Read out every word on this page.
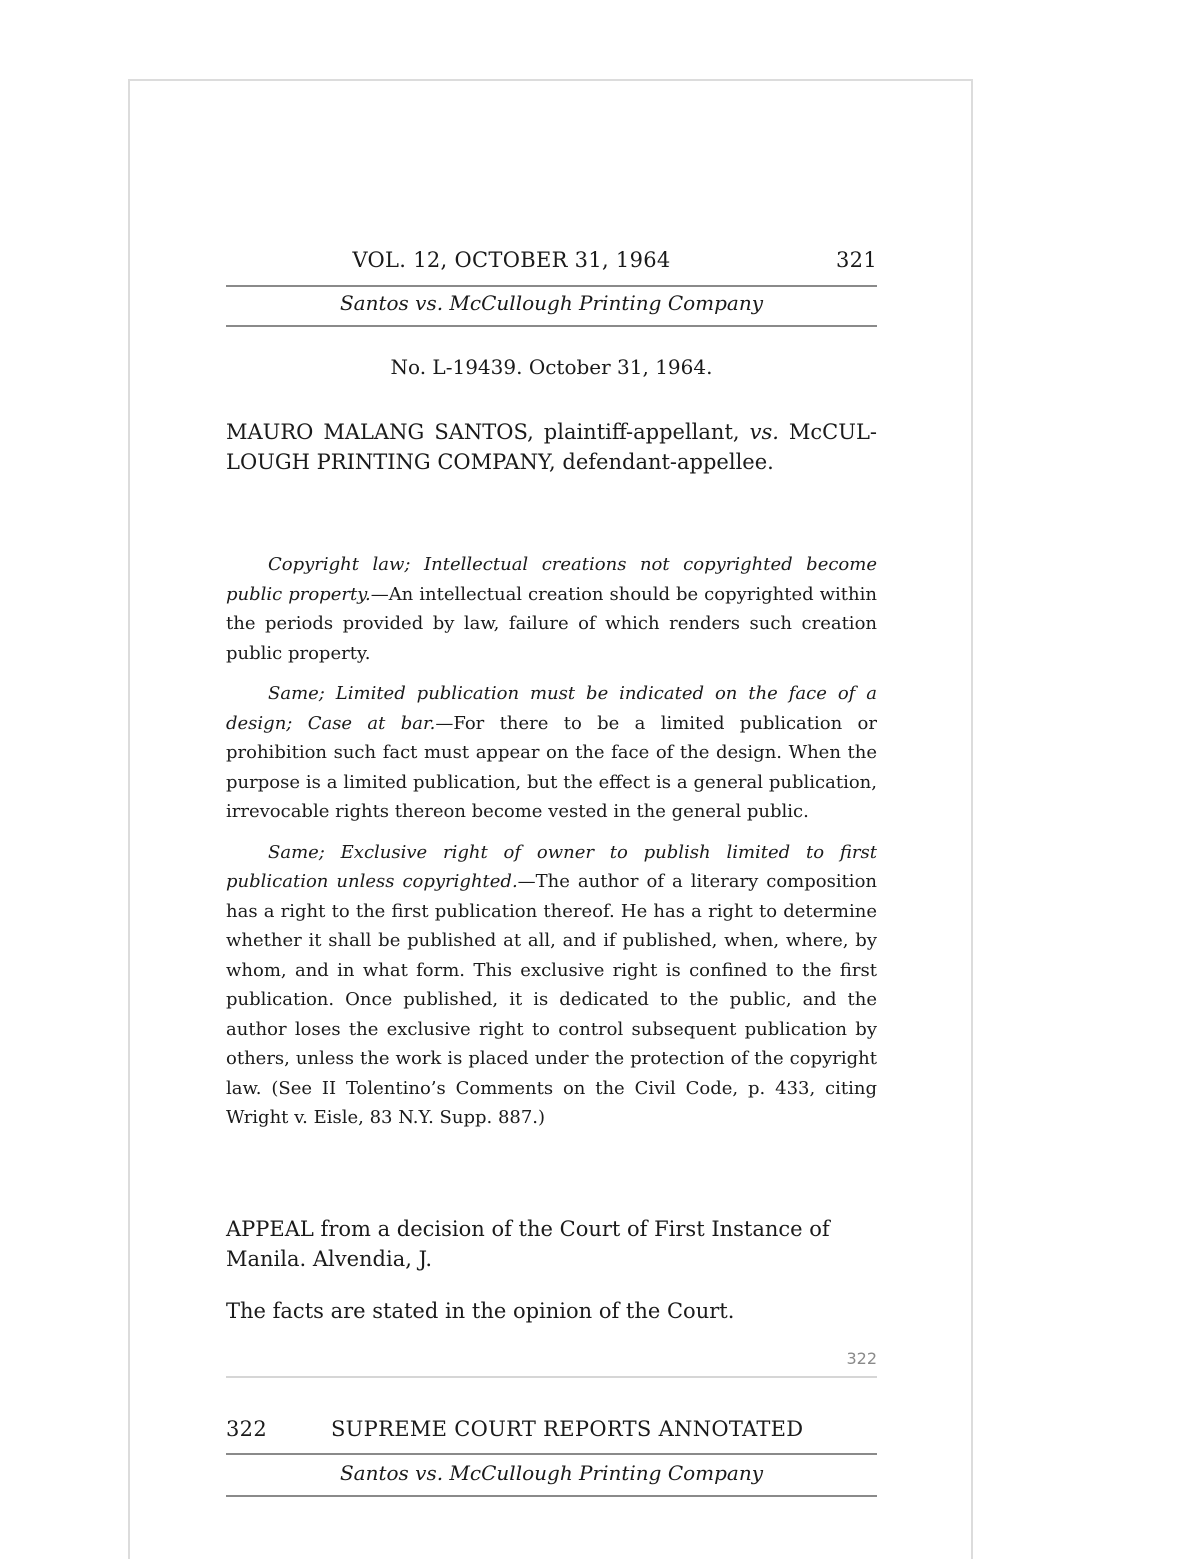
VOL. 12, OCTOBER 31, 1964	321
Santos vs. McCullough Printing Company
No. L-19439. October 31, 1964.
MAURO MALANG SANTOS, plaintiff-appellant, vs. McCUL-LOUGH PRINTING COMPANY, defendant-appellee.

Copyright law; Intellectual creations not copyrighted become public property.—An intellectual creation should be copyrighted within the periods provided by law, failure of which renders such creation public property.

Same; Limited publication must be indicated on the face of a design; Case at bar.—For there to be a limited publication or prohibition such fact must appear on the face of the design. When the purpose is a limited publication, but the effect is a general publication, irrevocable rights thereon become vested in the general public.

Same; Exclusive right of owner to publish limited to first publication unless copyrighted.—The author of a literary composition has a right to the first publication thereof. He has a right to determine whether it shall be published at all, and if published, when, where, by whom, and in what form. This exclusive right is confined to the first publication. Once published, it is dedicated to the public, and the author loses the exclusive right to control subsequent publication by others, unless the work is placed under the protection of the copyright law. (See II Tolentino’s Comments on the Civil Code, p. 433, citing Wright v. Eisle, 83 N.Y. Supp. 887.)

APPEAL from a decision of the Court of First Instance of Manila. Alvendia, J.

The facts are stated in the opinion of the Court.

322
322	SUPREME COURT REPORTS ANNOTATED
Santos vs. McCullough Printing Company
